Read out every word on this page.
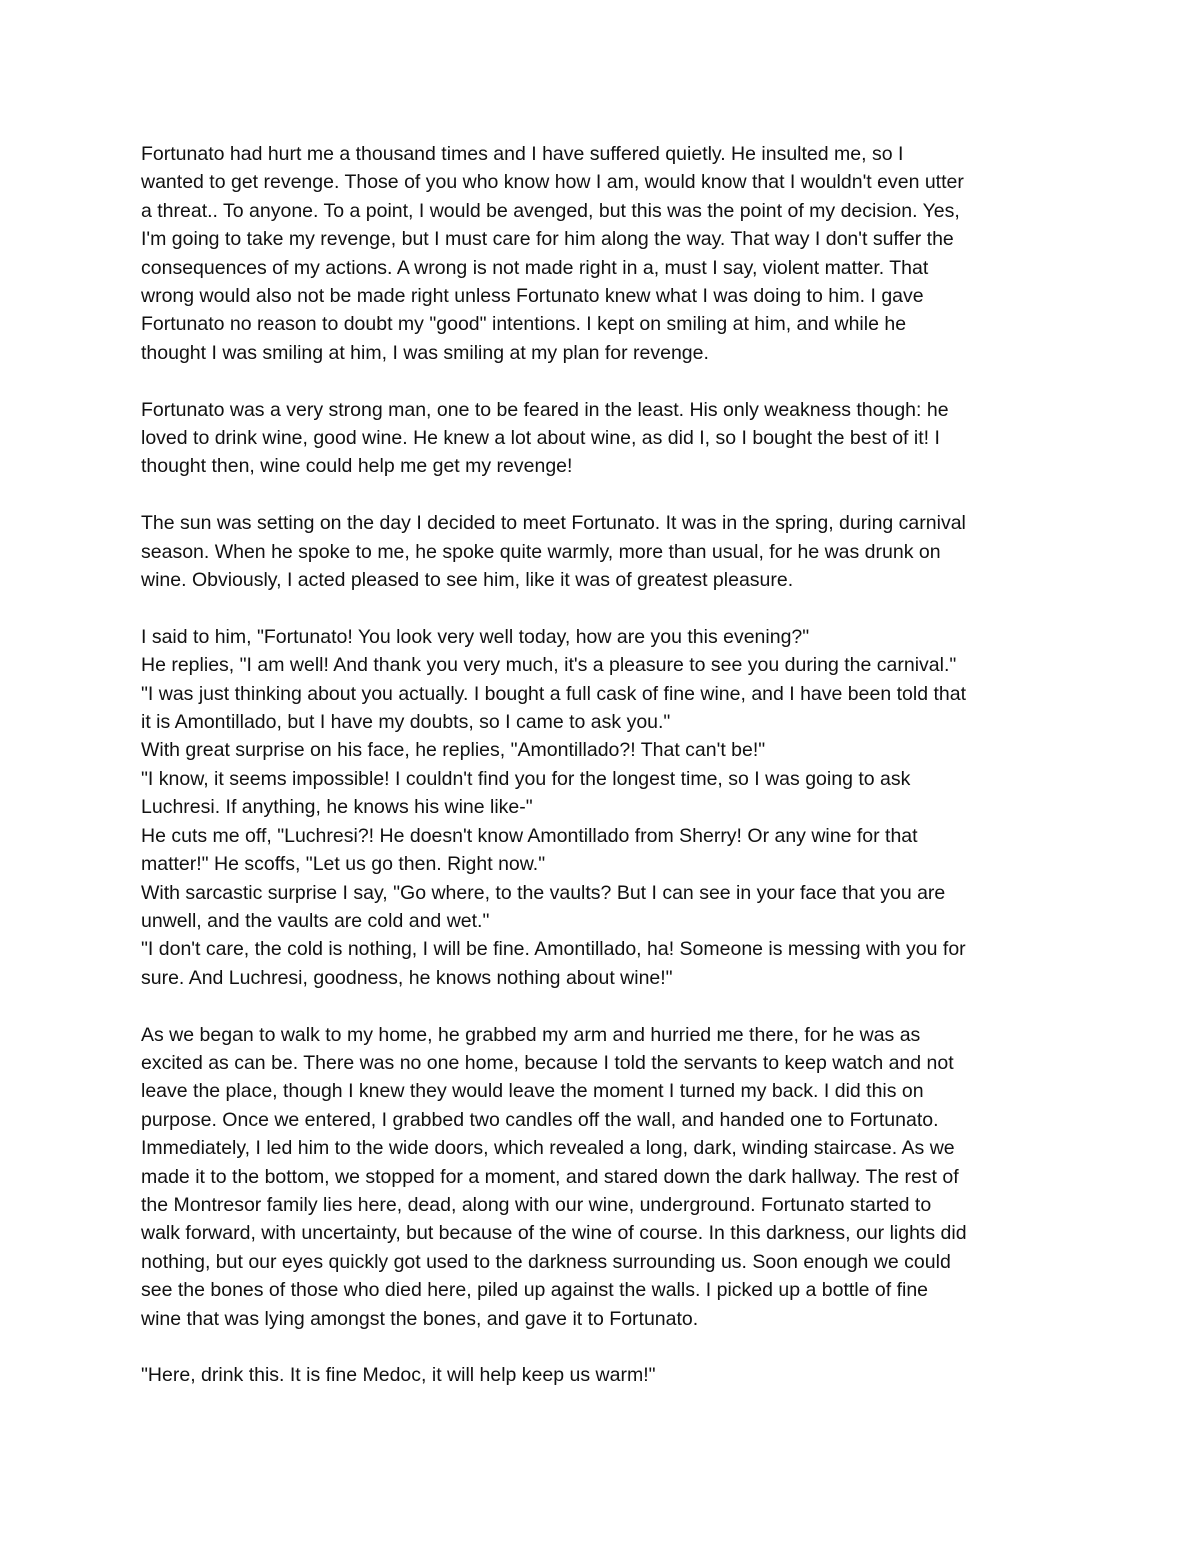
Fortunato had hurt me a thousand times and I have suffered quietly. He insulted me, so I
wanted to get revenge. Those of you who know how I am, would know that I wouldn't even utter
a threat.. To anyone. To a point, I would be avenged, but this was the point of my decision. Yes,
I'm going to take my revenge, but I must care for him along the way. That way I don't suffer the
consequences of my actions. A wrong is not made right in a, must I say, violent matter. That
wrong would also not be made right unless Fortunato knew what I was doing to him. I gave
Fortunato no reason to doubt my "good" intentions. I kept on smiling at him, and while he
thought I was smiling at him, I was smiling at my plan for revenge.
Fortunato was a very strong man, one to be feared in the least. His only weakness though: he
loved to drink wine, good wine. He knew a lot about wine, as did I, so I bought the best of it! I
thought then, wine could help me get my revenge!
The sun was setting on the day I decided to meet Fortunato. It was in the spring, during carnival
season. When he spoke to me, he spoke quite warmly, more than usual, for he was drunk on
wine. Obviously, I acted pleased to see him, like it was of greatest pleasure.
I said to him, "Fortunato! You look very well today, how are you this evening?"
He replies, "I am well! And thank you very much, it's a pleasure to see you during the carnival."
"I was just thinking about you actually. I bought a full cask of fine wine, and I have been told that
it is Amontillado, but I have my doubts, so I came to ask you."
With great surprise on his face, he replies, "Amontillado?! That can't be!"
"I know, it seems impossible! I couldn't find you for the longest time, so I was going to ask
Luchresi. If anything, he knows his wine like-"
He cuts me off, "Luchresi?! He doesn't know Amontillado from Sherry! Or any wine for that
matter!" He scoffs, "Let us go then. Right now."
With sarcastic surprise I say, "Go where, to the vaults? But I can see in your face that you are
unwell, and the vaults are cold and wet."
"I don't care, the cold is nothing, I will be fine. Amontillado, ha! Someone is messing with you for
sure. And Luchresi, goodness, he knows nothing about wine!"
As we began to walk to my home, he grabbed my arm and hurried me there, for he was as
excited as can be. There was no one home, because I told the servants to keep watch and not
leave the place, though I knew they would leave the moment I turned my back. I did this on
purpose. Once we entered, I grabbed two candles off the wall, and handed one to Fortunato.
Immediately, I led him to the wide doors, which revealed a long, dark, winding staircase. As we
made it to the bottom, we stopped for a moment, and stared down the dark hallway. The rest of
the Montresor family lies here, dead, along with our wine, underground. Fortunato started to
walk forward, with uncertainty, but because of the wine of course. In this darkness, our lights did
nothing, but our eyes quickly got used to the darkness surrounding us. Soon enough we could
see the bones of those who died here, piled up against the walls. I picked up a bottle of fine
wine that was lying amongst the bones, and gave it to Fortunato.
"Here, drink this. It is fine Medoc, it will help keep us warm!"
